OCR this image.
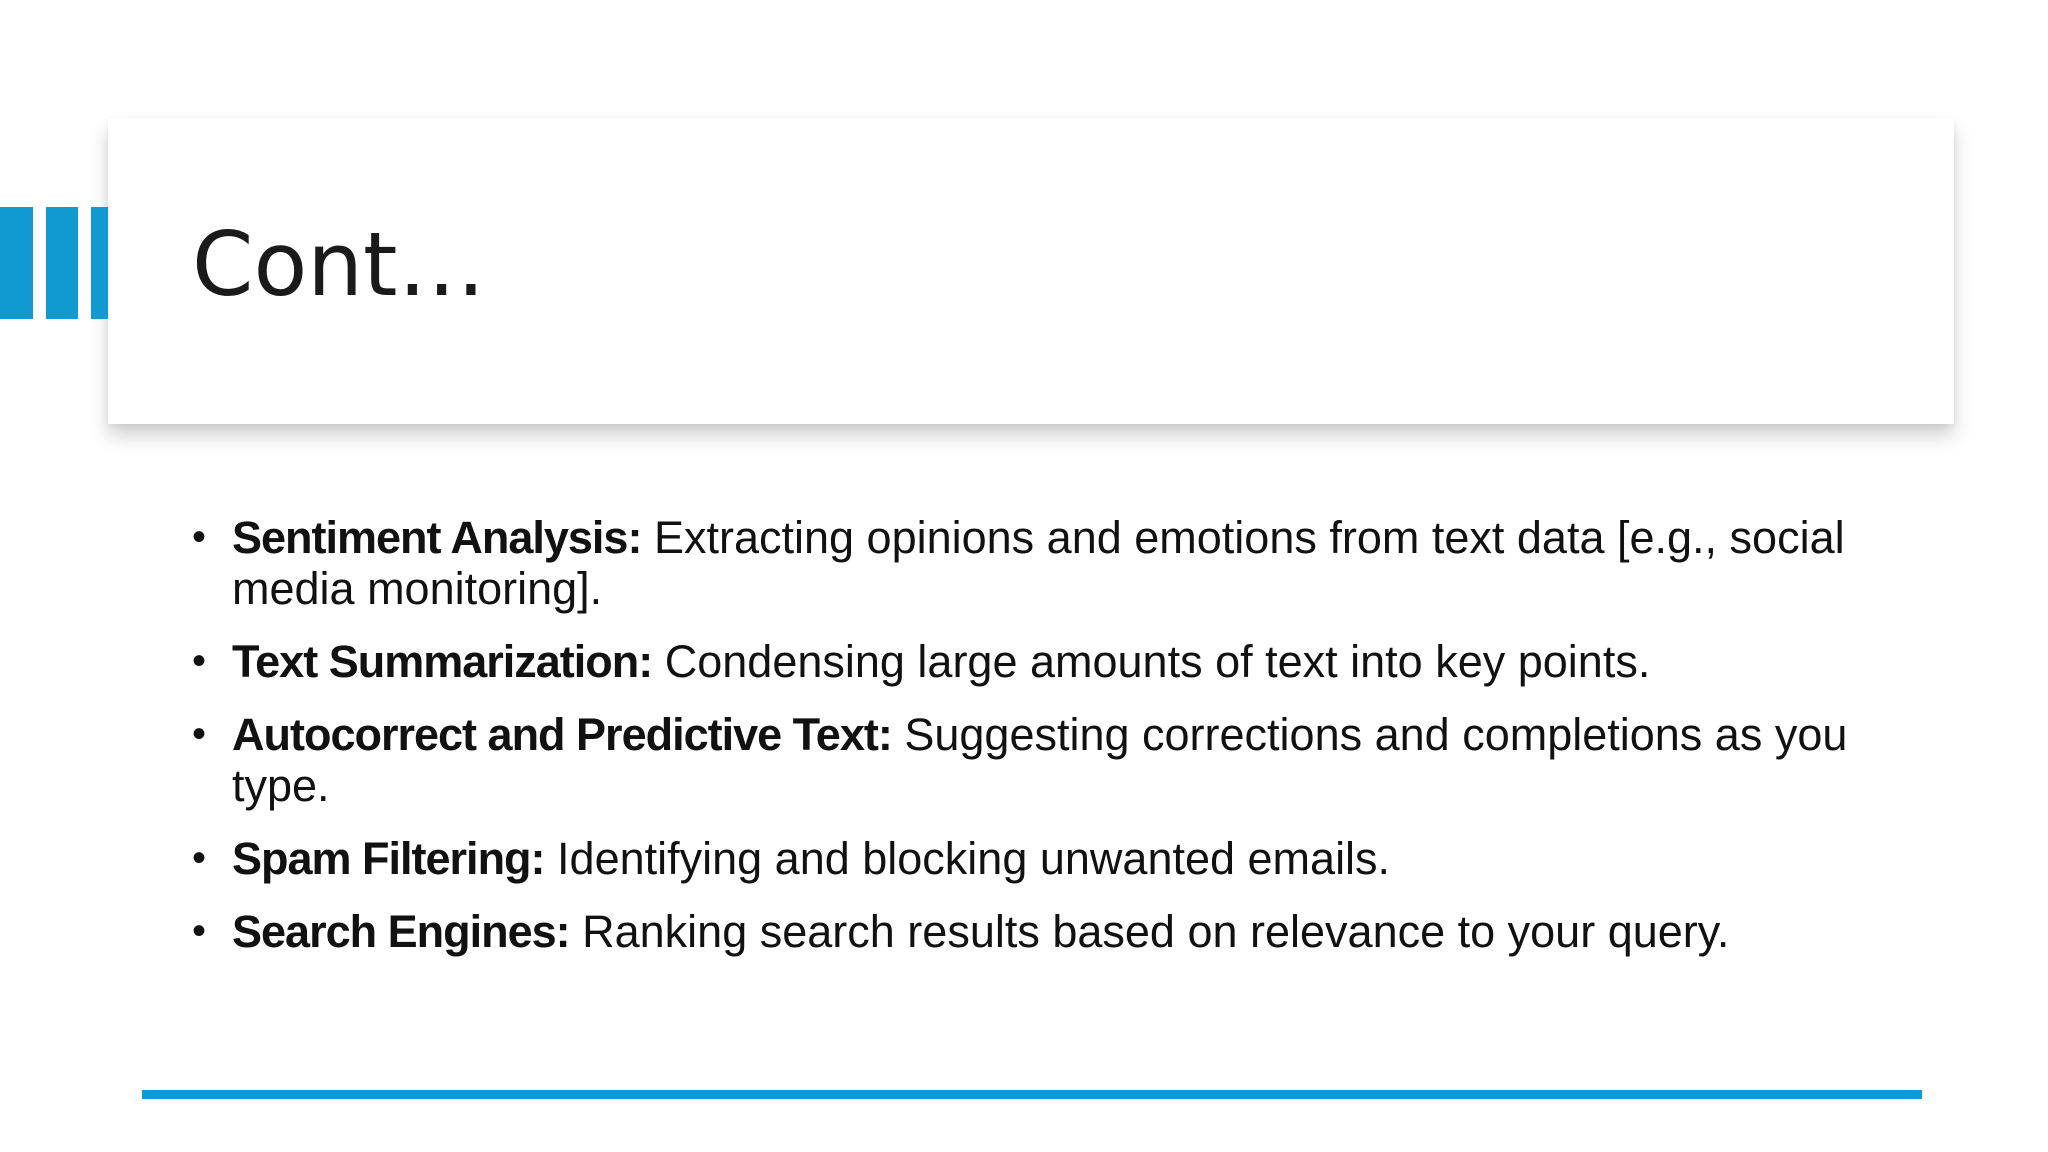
Cont…
• Sentiment Analysis: Extracting opinions and emotions from text data [e.g., social media monitoring].
• Text Summarization: Condensing large amounts of text into key points.
• Autocorrect and Predictive Text: Suggesting corrections and completions as you type.
• Spam Filtering: Identifying and blocking unwanted emails.
• Search Engines: Ranking search results based on relevance to your query.
